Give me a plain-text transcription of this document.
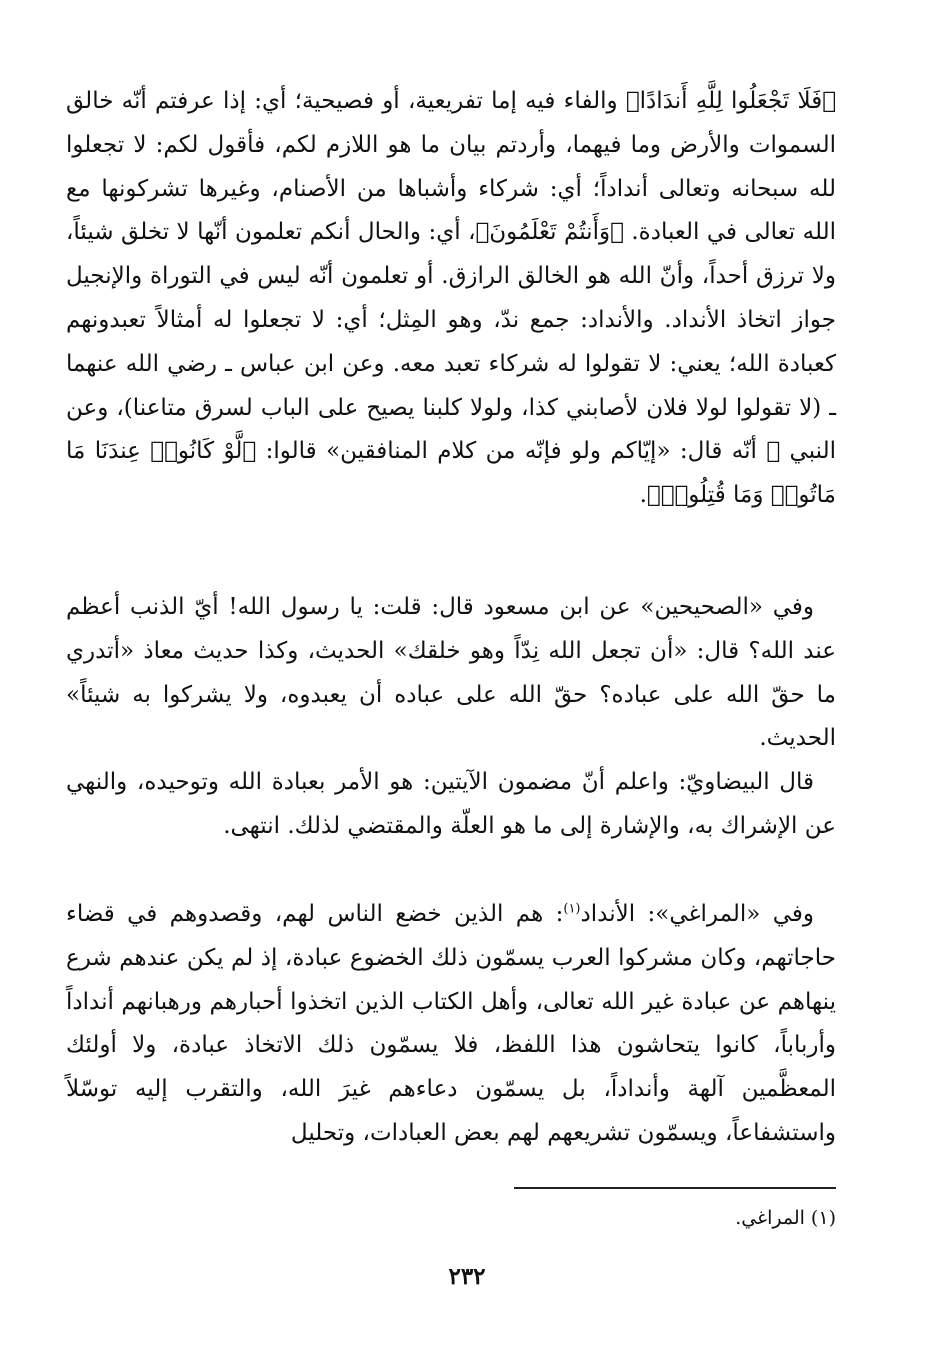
﴿فَلَا تَجْعَلُوا لِلَّهِ أَندَادًا﴾ والفاء فيه إما تفريعية، أو فصيحية؛ أي: إذا عرفتم أنّه خالق السموات والأرض وما فيهما، وأردتم بيان ما هو اللازم لكم، فأقول لكم: لا تجعلوا لله سبحانه وتعالى أنداداً؛ أي: شركاء وأشباها من الأصنام، وغيرها تشركونها مع الله تعالى في العبادة. ﴿وَأَنتُمْ تَعْلَمُونَ﴾، أي: والحال أنكم تعلمون أنّها لا تخلق شيئاً، ولا ترزق أحداً، وأنّ الله هو الخالق الرازق. أو تعلمون أنّه ليس في التوراة والإنجيل جواز اتخاذ الأنداد. والأنداد: جمع ندّ، وهو المِثل؛ أي: لا تجعلوا له أمثالاً تعبدونهم كعبادة الله؛ يعني: لا تقولوا له شركاء تعبد معه. وعن ابن عباس ـ رضي الله عنهما ـ (لا تقولوا لولا فلان لأصابني كذا، ولولا كلبنا يصيح على الباب لسرق متاعنا)، وعن النبي ﷺ أنّه قال: «إيّاكم ولو فإنّه من كلام المنافقين» قالوا: ﴿لَّوْ كَانُوا۟ عِندَنَا مَا مَاتُوا۟ وَمَا قُتِلُوا۟﴾.

وفي «الصحيحين» عن ابن مسعود قال: قلت: يا رسول الله! أيّ الذنب أعظم عند الله؟ قال: «أن تجعل الله نِدّاً وهو خلقك» الحديث، وكذا حديث معاذ «أتدري ما حقّ الله على عباده؟ حقّ الله على عباده أن يعبدوه، ولا يشركوا به شيئاً» الحديث.

قال البيضاويّ: واعلم أنّ مضمون الآيتين: هو الأمر بعبادة الله وتوحيده، والنهي عن الإشراك به، والإشارة إلى ما هو العلّة والمقتضي لذلك. انتهى.

وفي «المراغي»: الأنداد$^{(١)}$: هم الذين خضع الناس لهم، وقصدوهم في قضاء حاجاتهم، وكان مشركوا العرب يسمّون ذلك الخضوع عبادة، إذ لم يكن عندهم شرع ينهاهم عن عبادة غير الله تعالى، وأهل الكتاب الذين اتخذوا أحبارهم ورهبانهم أنداداً وأرباباً، كانوا يتحاشون هذا اللفظ، فلا يسمّون ذلك الاتخاذ عبادة، ولا أولئك المعظَّمين آلهة وأنداداً، بل يسمّون دعاءهم غيرَ الله، والتقرب إليه توسّلاً واستشفاعاً، ويسمّون تشريعهم لهم بعض العبادات، وتحليل

(١) المراغي.
٢٣٢
